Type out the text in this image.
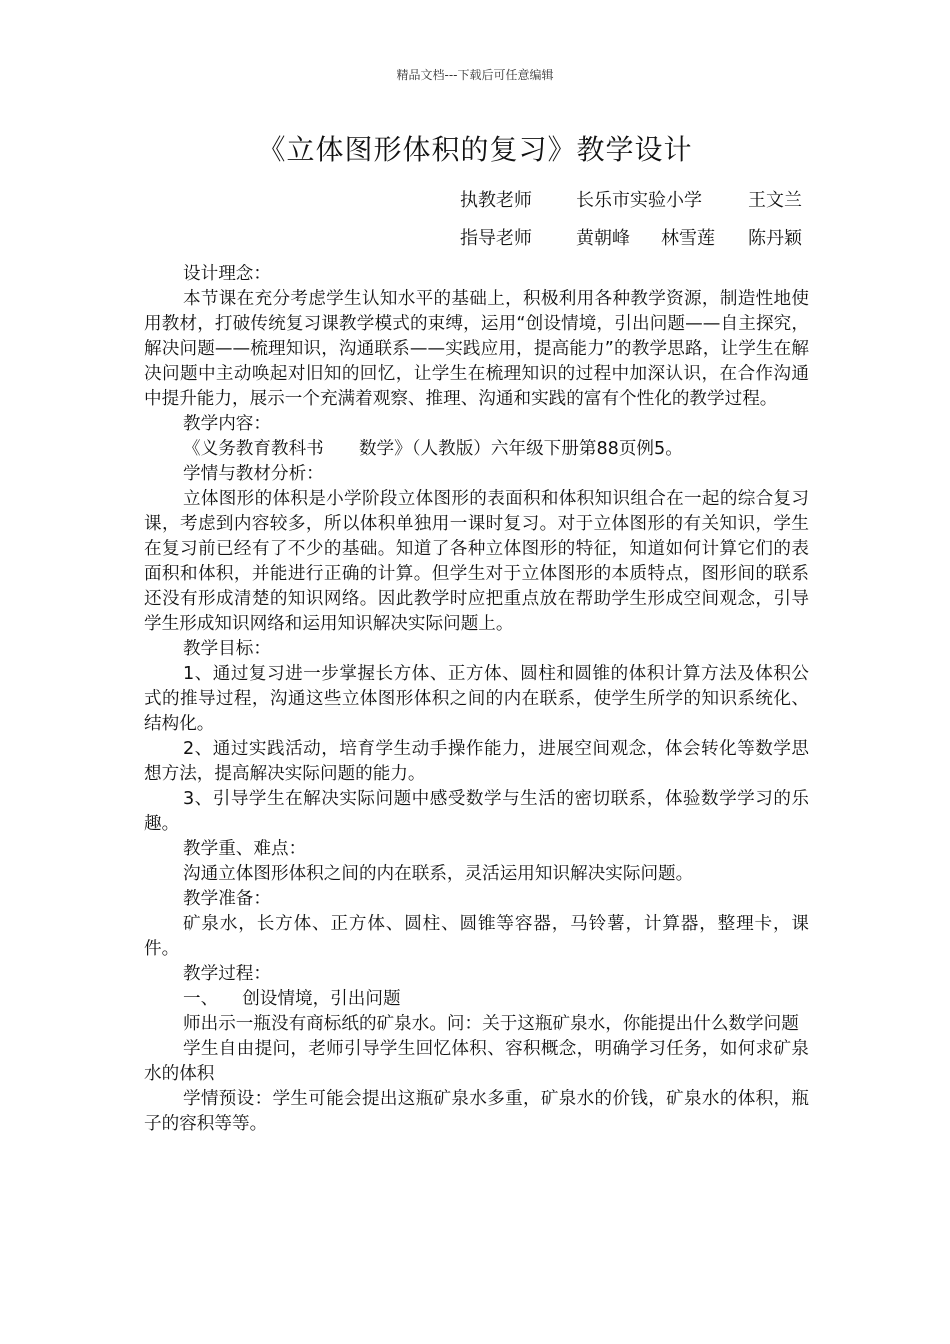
精品文档---下载后可任意编辑
《立体图形体积的复习》教学设计
执教老师 长乐市实验小学	王文兰
指导老师 黄朝峰 林雪莲 陈丹颖

设计理念：

本节课在充分考虑学生认知水平的基础上，积极利用各种教学资源，制造性地使用教材，打破传统复习课教学模式的束缚，运用“创设情境，引出问题——自主探究，解决问题——梳理知识，沟通联系——实践应用，提高能力”的教学思路，让学生在解决问题中主动唤起对旧知的回忆，让学生在梳理知识的过程中加深认识，在合作沟通中提升能力，展示一个充满着观察、推理、沟通和实践的富有个性化的教学过程。

教学内容：

《义务教育教科书　　数学》（人教版）六年级下册第88页例5。

学情与教材分析：

立体图形的体积是小学阶段立体图形的表面积和体积知识组合在一起的综合复习课，考虑到内容较多，所以体积单独用一课时复习。对于立体图形的有关知识，学生在复习前已经有了不少的基础。知道了各种立体图形的特征，知道如何计算它们的表面积和体积，并能进行正确的计算。但学生对于立体图形的本质特点，图形间的联系还没有形成清楚的知识网络。因此教学时应把重点放在帮助学生形成空间观念，引导学生形成知识网络和运用知识解决实际问题上。

教学目标：

1、通过复习进一步掌握长方体、正方体、圆柱和圆锥的体积计算方法及体积公式的推导过程，沟通这些立体图形体积之间的内在联系，使学生所学的知识系统化、结构化。

2、通过实践活动，培育学生动手操作能力，进展空间观念，体会转化等数学思想方法，提高解决实际问题的能力。

3、引导学生在解决实际问题中感受数学与生活的密切联系，体验数学学习的乐趣。

教学重、难点：

沟通立体图形体积之间的内在联系，灵活运用知识解决实际问题。

教学准备：

矿泉水，长方体、正方体、圆柱、圆锥等容器，马铃薯，计算器，整理卡，课件。

教学过程：

一、 创设情境，引出问题

师出示一瓶没有商标纸的矿泉水。问：关于这瓶矿泉水，你能提出什么数学问题

学生自由提问，老师引导学生回忆体积、容积概念，明确学习任务，如何求矿泉水的体积

学情预设：学生可能会提出这瓶矿泉水多重，矿泉水的价钱，矿泉水的体积，瓶子的容积等等。
